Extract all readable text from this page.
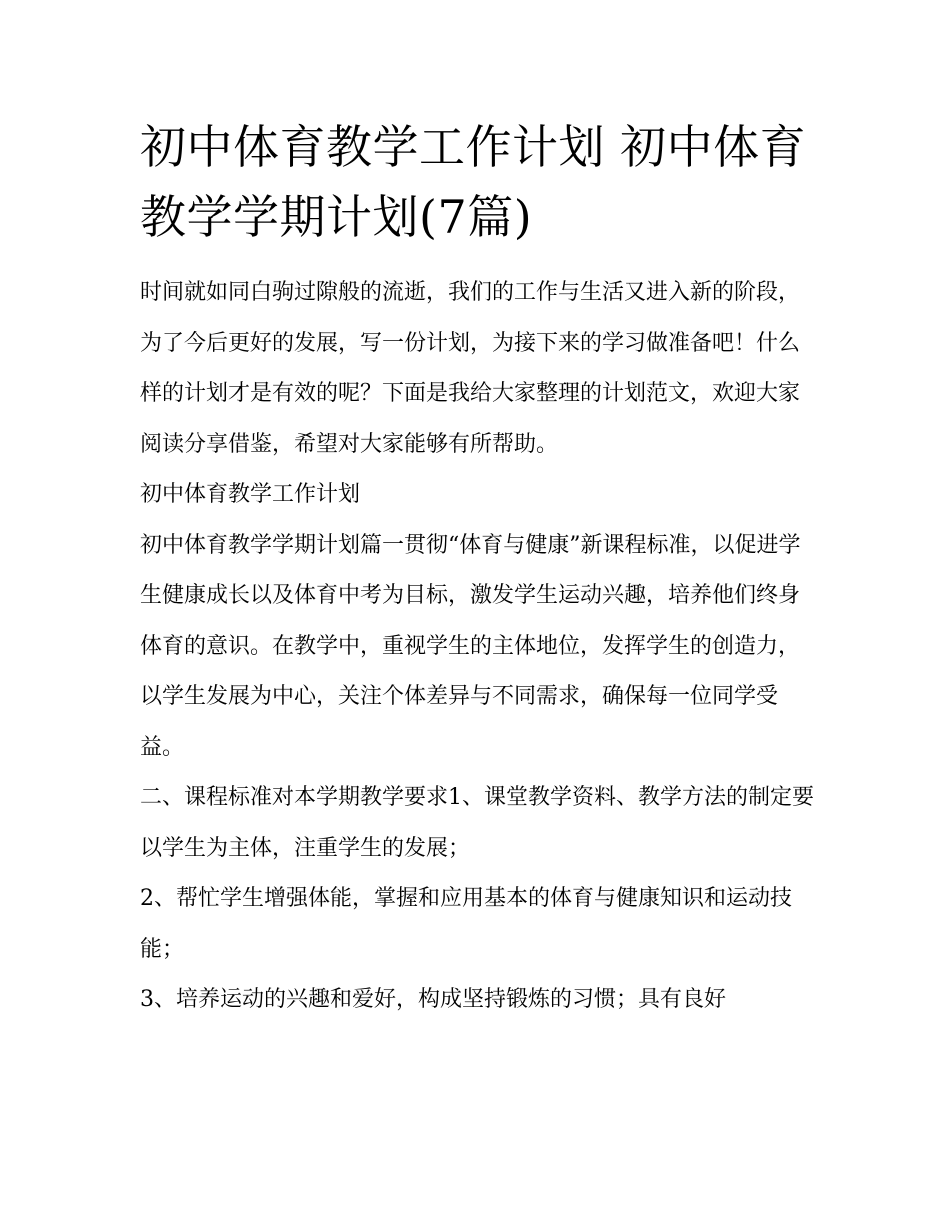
初中体育教学工作计划 初中体育教学学期计划(7篇)

时间就如同白驹过隙般的流逝，我们的工作与生活又进入新的阶段，为了今后更好的发展，写一份计划，为接下来的学习做准备吧！什么样的计划才是有效的呢？下面是我给大家整理的计划范文，欢迎大家阅读分享借鉴，希望对大家能够有所帮助。

初中体育教学工作计划

初中体育教学学期计划篇一贯彻“体育与健康”新课程标准，以促进学生健康成长以及体育中考为目标，激发学生运动兴趣，培养他们终身体育的意识。在教学中，重视学生的主体地位，发挥学生的创造力，以学生发展为中心，关注个体差异与不同需求，确保每一位同学受益。

二、课程标准对本学期教学要求1、课堂教学资料、教学方法的制定要以学生为主体，注重学生的发展；

2、帮忙学生增强体能，掌握和应用基本的体育与健康知识和运动技能；

3、培养运动的兴趣和爱好，构成坚持锻炼的习惯；具有良好
